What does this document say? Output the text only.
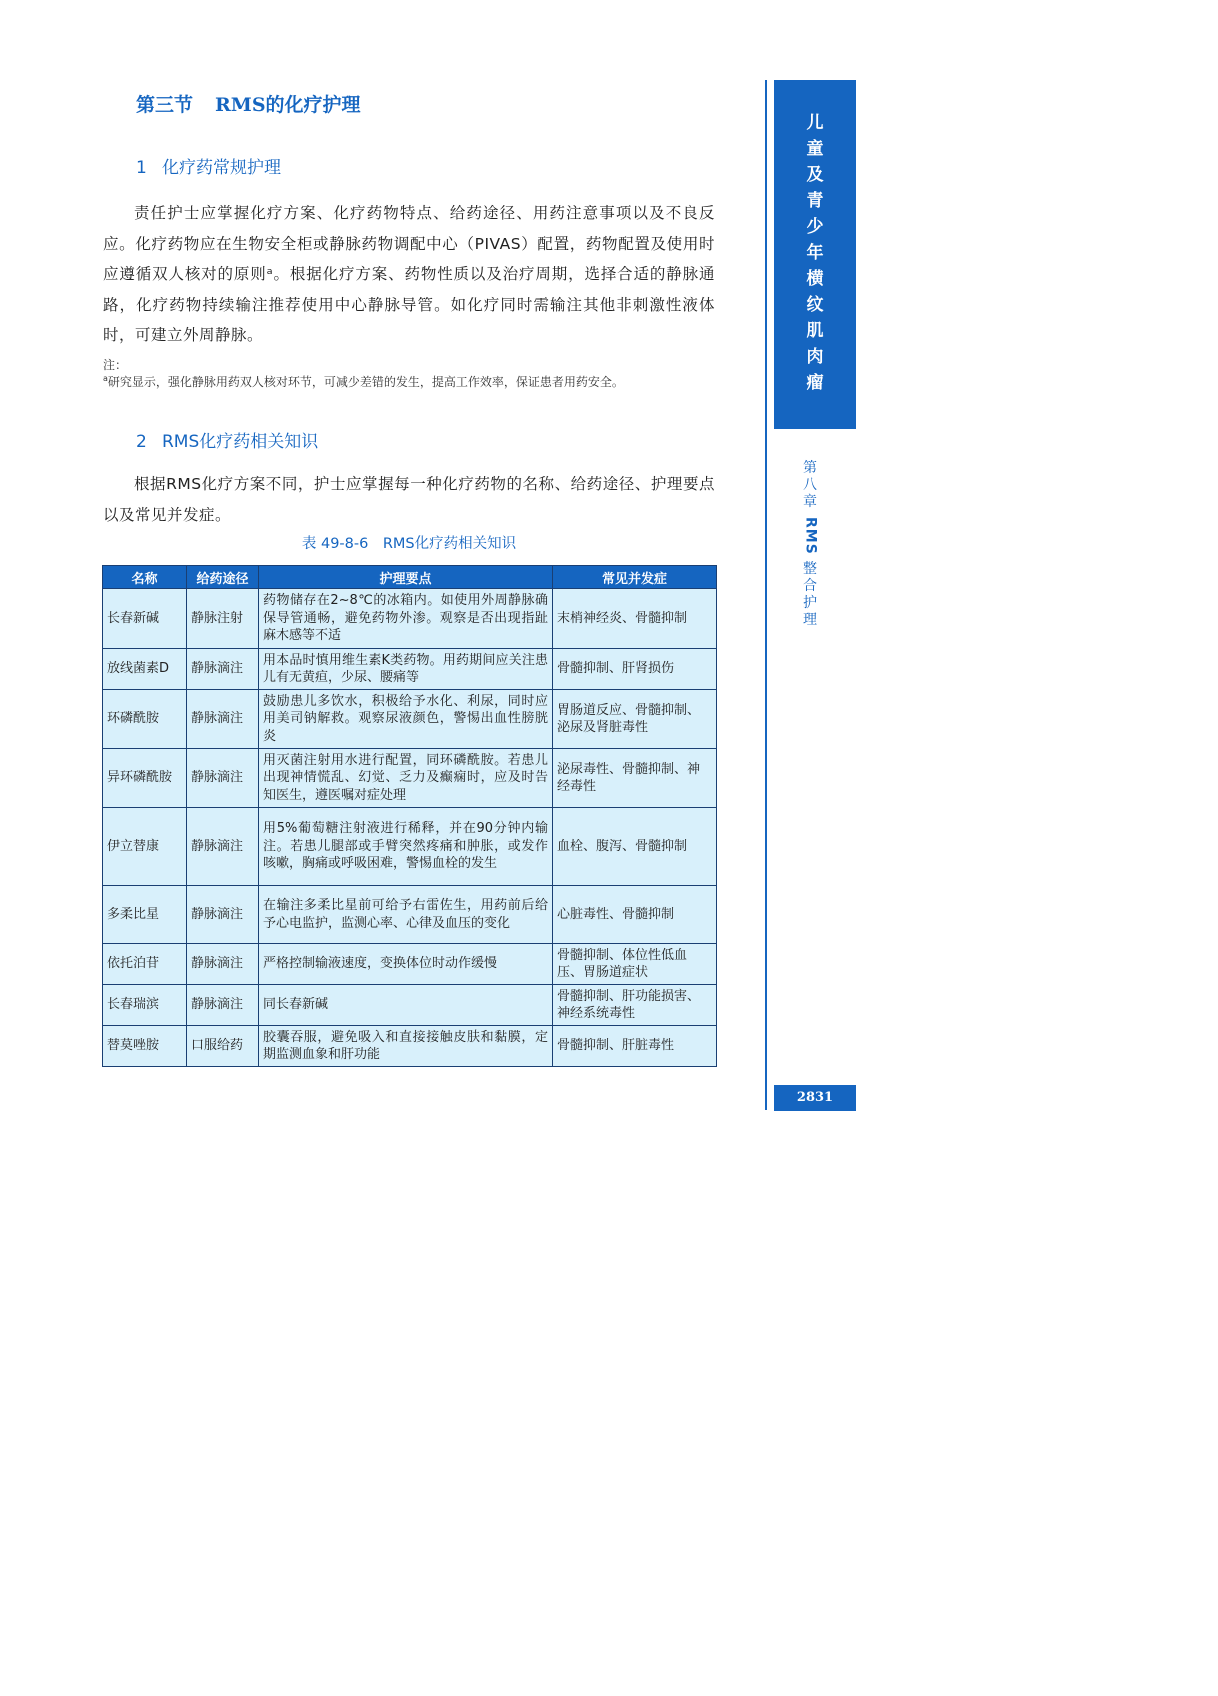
第三节 RMS的化疗护理
1 化疗药常规护理
责任护士应掌握化疗方案、化疗药物特点、给药途径、用药注意事项以及不良反应。化疗药物应在生物安全柜或静脉药物调配中心（PIVAS）配置，药物配置及使用时应遵循双人核对的原则ᵃ。根据化疗方案、药物性质以及治疗周期，选择合适的静脉通路，化疗药物持续输注推荐使用中心静脉导管。如化疗同时需输注其他非刺激性液体时，可建立外周静脉。
注：
$^a$研究显示，强化静脉用药双人核对环节，可减少差错的发生，提高工作效率，保证患者用药安全。
2 RMS化疗药相关知识
根据RMS化疗方案不同，护士应掌握每一种化疗药物的名称、给药途径、护理要点以及常见并发症。
表 49-8-6　RMS化疗药相关知识
名称	给药途径	护理要点	常见并发症
长春新碱	静脉注射	药物储存在2~8℃的冰箱内。如使用外周静脉确保导管通畅，避免药物外渗。观察是否出现指趾麻木感等不适	末梢神经炎、骨髓抑制
放线菌素D	静脉滴注	用本品时慎用维生素K类药物。用药期间应关注患儿有无黄疸，少尿、腰痛等	骨髓抑制、肝肾损伤
环磷酰胺	静脉滴注	鼓励患儿多饮水，积极给予水化、利尿，同时应用美司钠解救。观察尿液颜色，警惕出血性膀胱炎	胃肠道反应、骨髓抑制、泌尿及肾脏毒性
异环磷酰胺	静脉滴注	用灭菌注射用水进行配置，同环磷酰胺。若患儿出现神情慌乱、幻觉、乏力及癫痫时，应及时告知医生，遵医嘱对症处理	泌尿毒性、骨髓抑制、神经毒性
伊立替康	静脉滴注	用5%葡萄糖注射液进行稀释，并在90分钟内输注。若患儿腿部或手臂突然疼痛和肿胀，或发作咳嗽，胸痛或呼吸困难，警惕血栓的发生	血栓、腹泻、骨髓抑制
多柔比星	静脉滴注	在输注多柔比星前可给予右雷佐生，用药前后给予心电监护，监测心率、心律及血压的变化	心脏毒性、骨髓抑制
依托泊苷	静脉滴注	严格控制输液速度，变换体位时动作缓慢	骨髓抑制、体位性低血压、胃肠道症状
长春瑞滨	静脉滴注	同长春新碱	骨髓抑制、肝功能损害、神经系统毒性
替莫唑胺	口服给药	胶囊吞服，避免吸入和直接接触皮肤和黏膜，定期监测血象和肝功能	骨髓抑制、肝脏毒性
儿
童
及
青
少
年
横
纹
肌
肉
瘤
第
八
章
RMS
整
合
护
理
2831
